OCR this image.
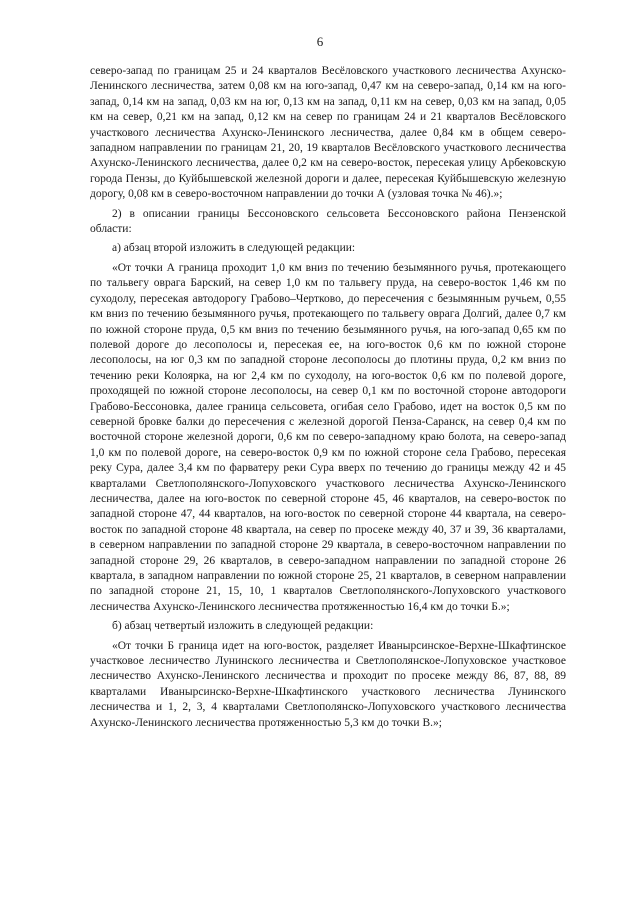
6

северо-запад по границам 25 и 24 кварталов Весёловского участкового лесничества Ахунско-Ленинского лесничества, затем 0,08 км на юго-запад, 0,47 км на северо-запад, 0,14 км на юго-запад, 0,14 км на запад, 0,03 км на юг, 0,13 км на запад, 0,11 км на север, 0,03 км на запад, 0,05 км на север, 0,21 км на запад, 0,12 км на север по границам 24 и 21 кварталов Весёловского участкового лесничества Ахунско-Ленинского лесничества, далее 0,84 км в общем северо-западном направлении по границам 21, 20, 19 кварталов Весёловского участкового лесничества Ахунско-Ленинского лесничества, далее 0,2 км на северо-восток, пересекая улицу Арбековскую города Пензы, до Куйбышевской железной дороги и далее, пересекая Куйбышевскую железную дорогу, 0,08 км в северо-восточном направлении до точки А (узловая точка № 46).»;

2) в описании границы Бессоновского сельсовета Бессоновского района Пензенской области:

а) абзац второй изложить в следующей редакции:

«От точки А граница проходит 1,0 км вниз по течению безымянного ручья, протекающего по тальвегу оврага Барский, на север 1,0 км по тальвегу пруда, на северо-восток 1,46 км по суходолу, пересекая автодорогу Грабово–Чертково, до пересечения с безымянным ручьем, 0,55 км вниз по течению безымянного ручья, протекающего по тальвегу оврага Долгий, далее 0,7 км по южной стороне пруда, 0,5 км вниз по течению безымянного ручья, на юго-запад 0,65 км по полевой дороге до лесополосы и, пересекая ее, на юго-восток 0,6 км по южной стороне лесополосы, на юг 0,3 км по западной стороне лесополосы до плотины пруда, 0,2 км вниз по течению реки Колоярка, на юг 2,4 км по суходолу, на юго-восток 0,6 км по полевой дороге, проходящей по южной стороне лесополосы, на север 0,1 км по восточной стороне автодороги Грабово-Бессоновка, далее граница сельсовета, огибая село Грабово, идет на восток 0,5 км по северной бровке балки до пересечения с железной дорогой Пенза-Саранск, на север 0,4 км по восточной стороне железной дороги, 0,6 км по северо-западному краю болота, на северо-запад 1,0 км по полевой дороге, на северо-восток 0,9 км по южной стороне села Грабово, пересекая реку Сура, далее 3,4 км по фарватеру реки Сура вверх по течению до границы между 42 и 45 кварталами Светлополянского-Лопуховского участкового лесничества Ахунско-Ленинского лесничества, далее на юго-восток по северной стороне 45, 46 кварталов, на северо-восток по западной стороне 47, 44 кварталов, на юго-восток по северной стороне 44 квартала, на северо-восток по западной стороне 48 квартала, на север по просеке между 40, 37 и 39, 36 кварталами, в северном направлении по западной стороне 29 квартала, в северо-восточном направлении по западной стороне 29, 26 кварталов, в северо-западном направлении по западной стороне 26 квартала, в западном направлении по южной стороне 25, 21 кварталов, в северном направлении по западной стороне 21, 15, 10, 1 кварталов Светлополянского-Лопуховского участкового лесничества Ахунско-Ленинского лесничества протяженностью 16,4 км до точки Б.»;

б) абзац четвертый изложить в следующей редакции:

«От точки Б граница идет на юго-восток, разделяет Иванырсинское-Верхне-Шкафтинское участковое лесничество Лунинского лесничества и Светлополянское-Лопуховское участковое лесничество Ахунско-Ленинского лесничества и проходит по просеке между 86, 87, 88, 89 кварталами Иванырсинско-Верхне-Шкафтинского участкового лесничества Лунинского лесничества и 1, 2, 3, 4 кварталами Светлополянско-Лопуховского участкового лесничества Ахунско-Ленинского лесничества протяженностью 5,3 км до точки В.»;
